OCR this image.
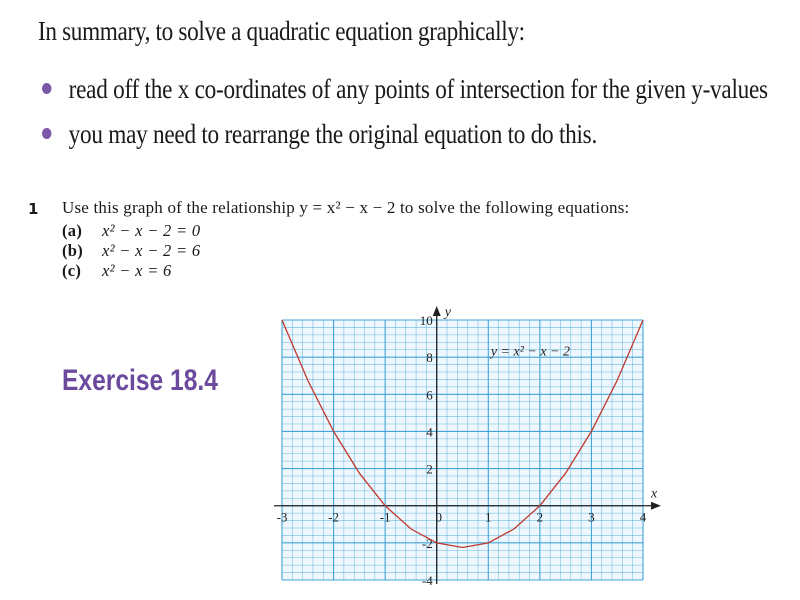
In summary, to solve a quadratic equation graphically:
read off the x co-ordinates of any points of intersection for the given y-values
you may need to rearrange the original equation to do this.
1 Use this graph of the relationship y = x² − x − 2 to solve the following equations:
(a) x² − x − 2 = 0
(b) x² − x − 2 = 6
(c) x² − x = 6
Exercise 18.4
-3	-2	-1	0	1	2	3	4
10
8
6
4
2
-2
-4
y = x² − x − 2
x
y
